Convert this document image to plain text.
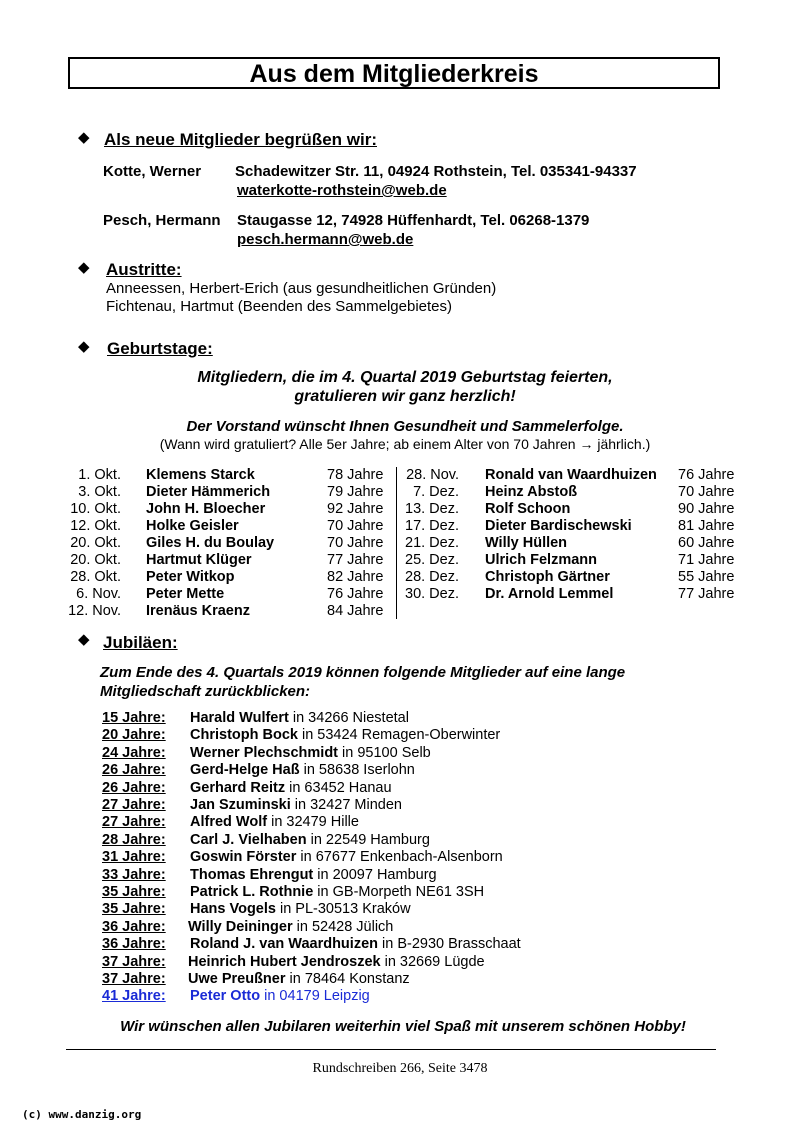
Aus dem Mitgliederkreis
◆ Als neue Mitglieder begrüßen wir:
Kotte, Werner Schadewitzer Str. 11, 04924 Rothstein, Tel. 035341-94337
waterkotte-rothstein@web.de
Pesch, Hermann Staugasse 12, 74928 Hüffenhardt, Tel. 06268-1379
pesch.hermann@web.de
◆ Austritte:
Anneessen, Herbert-Erich (aus gesundheitlichen Gründen)
Fichtenau, Hartmut (Beenden des Sammelgebietes)
◆ Geburtstage:
Mitgliedern, die im 4. Quartal 2019 Geburtstag feierten,
gratulieren wir ganz herzlich!
Der Vorstand wünscht Ihnen Gesundheit und Sammelerfolge.
(Wann wird gratuliert? Alle 5er Jahre; ab einem Alter von 70 Jahren → jährlich.)
1. Okt. Klemens Starck	78 Jahre
3. Okt. Dieter Hämmerich	79 Jahre
10. Okt. John H. Bloecher	92 Jahre
12. Okt. Holke Geisler	70 Jahre
20. Okt. Giles H. du Boulay	70 Jahre
20. Okt. Hartmut Klüger	77 Jahre
28. Okt. Peter Witkop	82 Jahre
6. Nov. Peter Mette	76 Jahre
12. Nov. Irenäus Kraenz	84 Jahre
28. Nov. Ronald van Waardhuizen 76 Jahre
7. Dez. Heinz Abstoß	70 Jahre
13. Dez. Rolf Schoon	90 Jahre
17. Dez. Dieter Bardischewski	81 Jahre
21. Dez. Willy Hüllen	60 Jahre
25. Dez. Ulrich Felzmann	71 Jahre
28. Dez. Christoph Gärtner	55 Jahre
30. Dez. Dr. Arnold Lemmel	77 Jahre
◆ Jubiläen:
Zum Ende des 4. Quartals 2019 können folgende Mitglieder auf eine lange
Mitgliedschaft zurückblicken:
15 Jahre: Harald Wulfert in 34266 Niestetal
20 Jahre: Christoph Bock in 53424 Remagen-Oberwinter
24 Jahre: Werner Plechschmidt in 95100 Selb
26 Jahre: Gerd-Helge Haß in 58638 Iserlohn
26 Jahre: Gerhard Reitz in 63452 Hanau
27 Jahre: Jan Szuminski in 32427 Minden
27 Jahre: Alfred Wolf in 32479 Hille
28 Jahre: Carl J. Vielhaben in 22549 Hamburg
31 Jahre: Goswin Förster in 67677 Enkenbach-Alsenborn
33 Jahre: Thomas Ehrengut in 20097 Hamburg
35 Jahre: Patrick L. Rothnie in GB-Morpeth NE61 3SH
35 Jahre: Hans Vogels in PL-30513 Kraków
36 Jahre: Willy Deininger in 52428 Jülich
36 Jahre: Roland J. van Waardhuizen in B-2930 Brasschaat
37 Jahre: Heinrich Hubert Jendroszek in 32669 Lügde
37 Jahre: Uwe Preußner in 78464 Konstanz
41 Jahre: Peter Otto in 04179 Leipzig
Wir wünschen allen Jubilaren weiterhin viel Spaß mit unserem schönen Hobby!
Rundschreiben 266, Seite 3478
(c) www.danzig.org
